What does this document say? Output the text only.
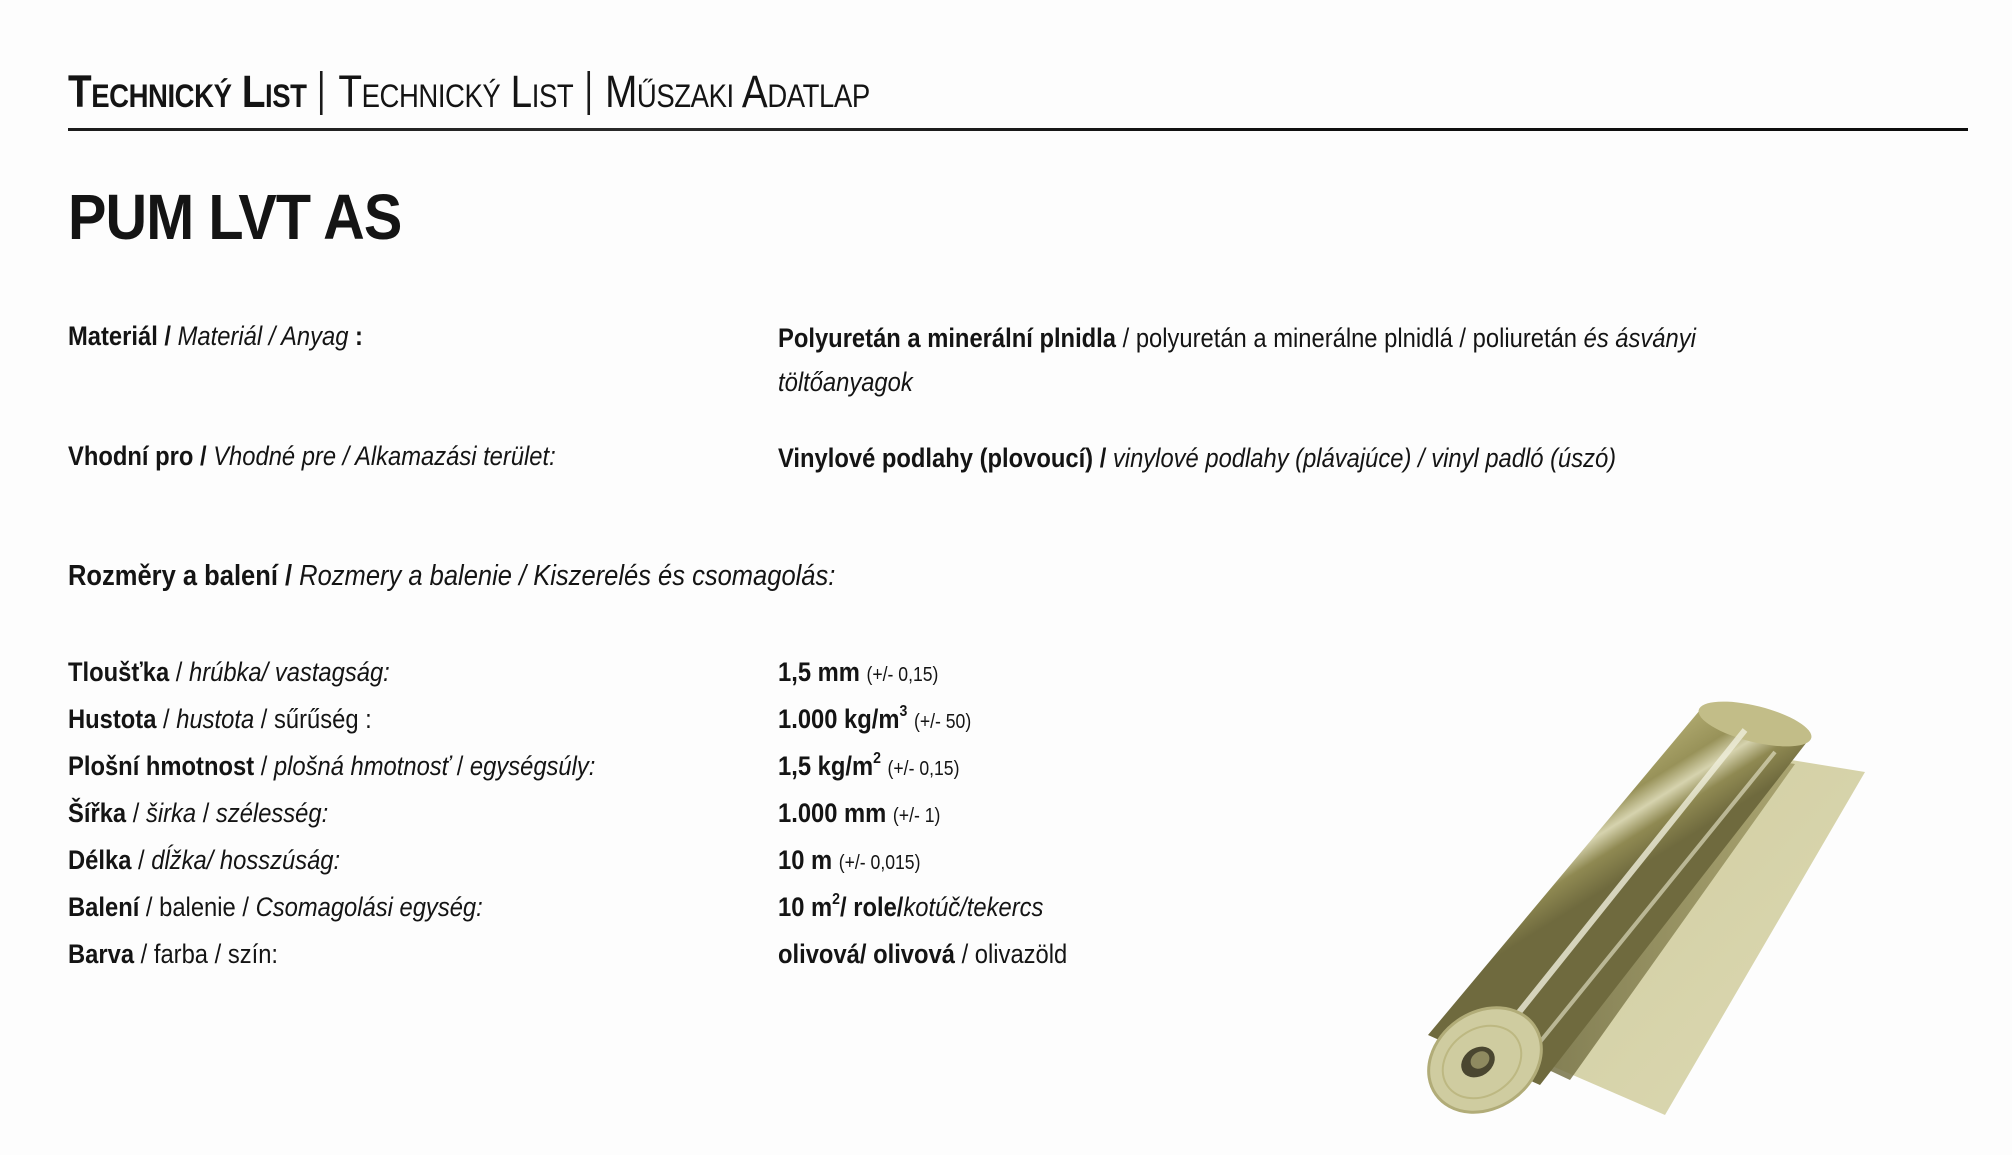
Technický List Technický List Műszaki Adatlap
PUM LVT AS
Materiál / Materiál / Anyag :	Polyuretán a minerální plnidla / polyuretán a minerálne plnidlá / poliuretán és ásványi
töltőanyagok
Vhodní pro / Vhodné pre / Alkamazási terület:	Vinylové podlahy (plovoucí) / vinylové podlahy (plávajúce) / vinyl padló (úszó)
Rozměry a balení / Rozmery a balenie / Kiszerelés és csomagolás:
Tloušťka / hrúbka/ vastagság:	1,5 mm (+/- 0,15)
Hustota / hustota / sűrűség :	1.000 $kg/m^3$ (+/- 50)
Plošní hmotnost / plošná hmotnosť / egységsúly:	1,5 $kg/m^2$ (+/- 0,15)
Šířka / širka / szélesség:	1.000 mm (+/- 1)
Délka / dĺžka/ hosszúság:	10 m (+/- 0,015)
Balení / balenie / Csomagolási egység:	10 $m^2/$ role/kotúč/tekercs
Barva / farba / szín:	olivová/ olivová / olivazöld
